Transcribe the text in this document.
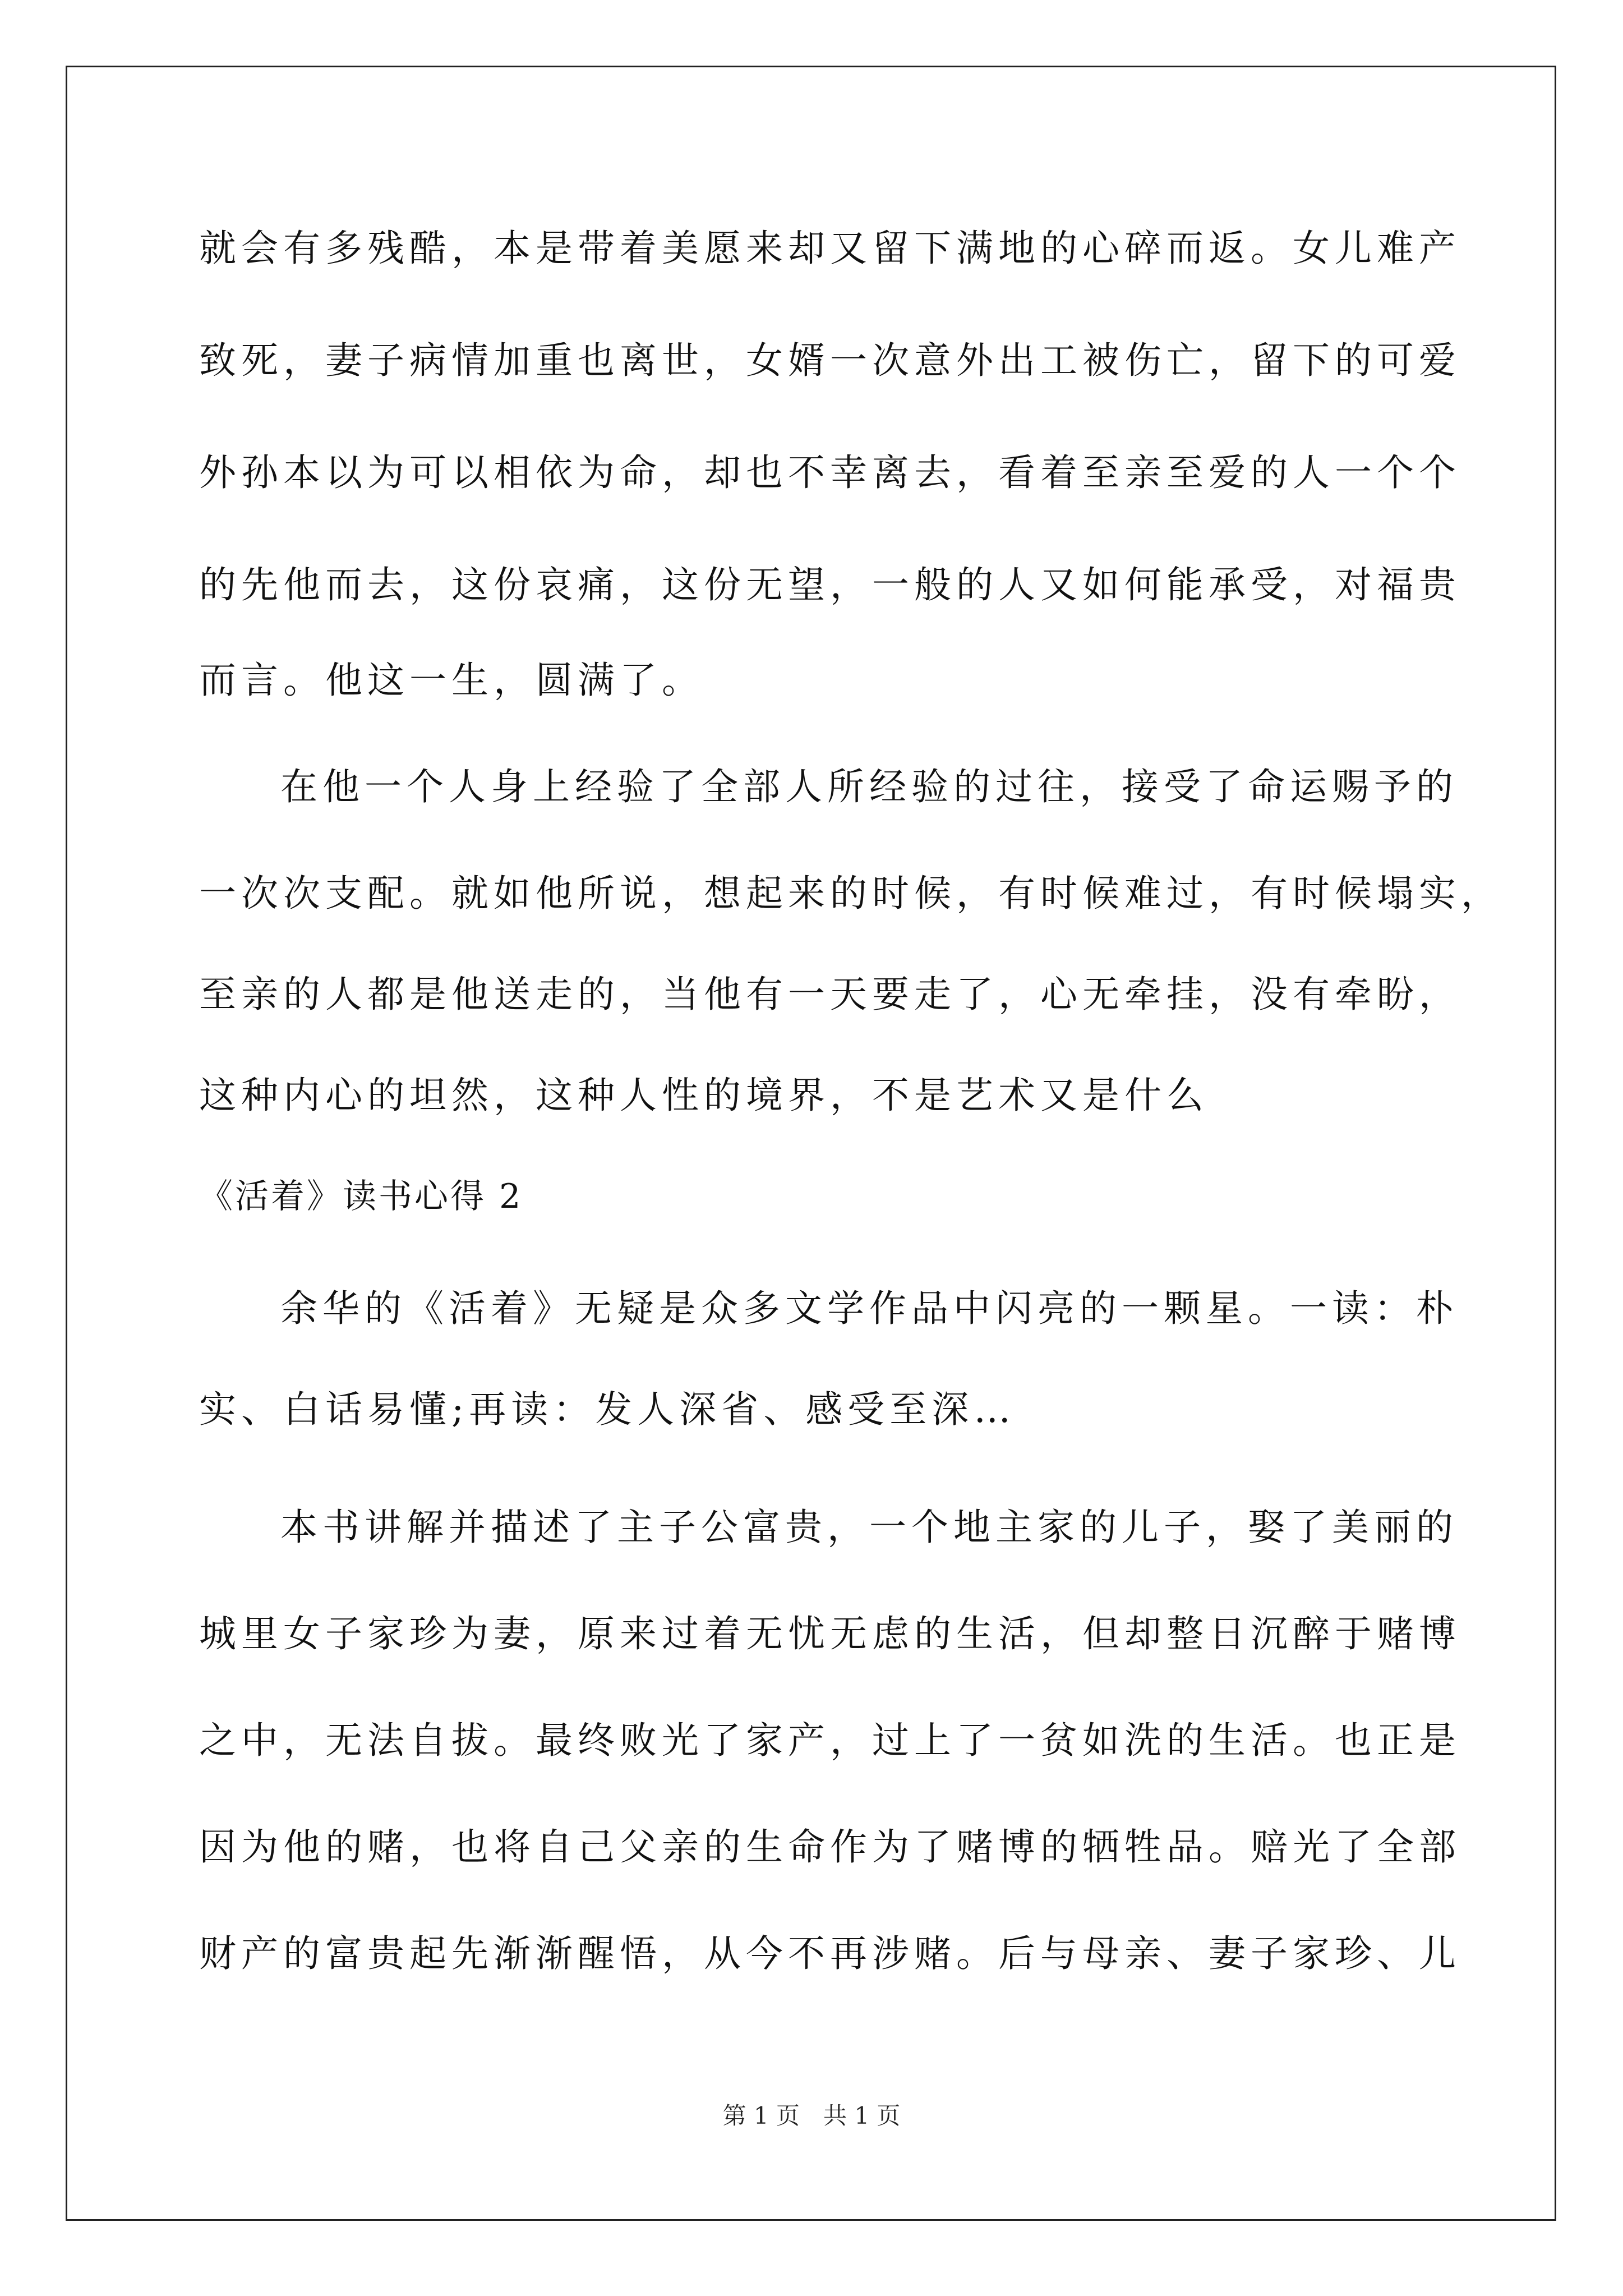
就会有多残酷，本是带着美愿来却又留下满地的心碎而返。女儿难产
致死，妻子病情加重也离世，女婿一次意外出工被伤亡，留下的可爱
外孙本以为可以相依为命，却也不幸离去，看着至亲至爱的人一个个
的先他而去，这份哀痛，这份无望，一般的人又如何能承受，对福贵
而言。他这一生，圆满了。
在他一个人身上经验了全部人所经验的过往，接受了命运赐予的
一次次支配。就如他所说，想起来的时候，有时候难过，有时候塌实，
至亲的人都是他送走的，当他有一天要走了，心无牵挂，没有牵盼，
这种内心的坦然，这种人性的境界，不是艺术又是什么
《活着》读书心得 2
余华的《活着》无疑是众多文学作品中闪亮的一颗星。一读：朴
实、白话易懂;再读：发人深省、感受至深…
本书讲解并描述了主子公富贵，一个地主家的儿子，娶了美丽的
城里女子家珍为妻，原来过着无忧无虑的生活，但却整日沉醉于赌博
之中，无法自拔。最终败光了家产，过上了一贫如洗的生活。也正是
因为他的赌，也将自己父亲的生命作为了赌博的牺牲品。赔光了全部
财产的富贵起先渐渐醒悟，从今不再涉赌。后与母亲、妻子家珍、儿
第 1 页　共 1 页
